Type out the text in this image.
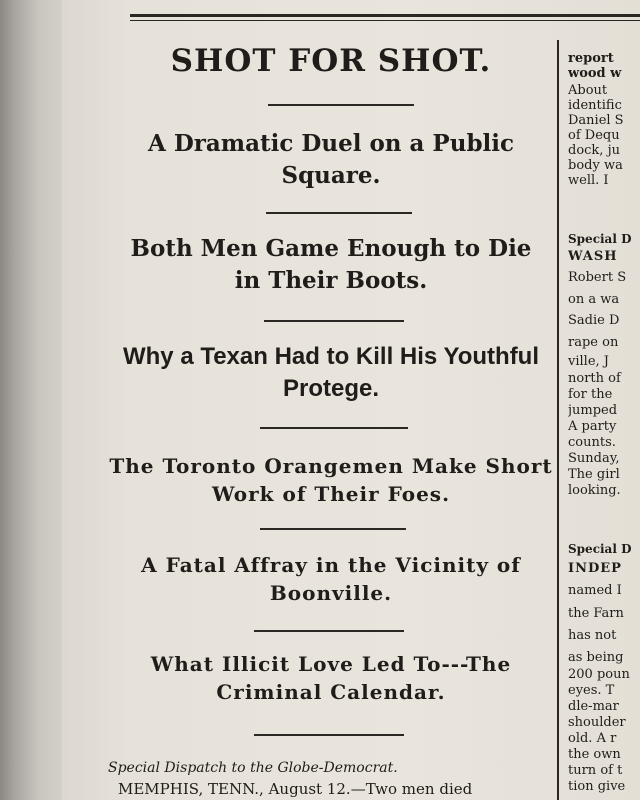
SHOT FOR SHOT.
A Dramatic Duel on a Public Square.
Both Men Game Enough to Die in Their Boots.
Why a Texan Had to Kill His Youthful Protege.
The Toronto Orangemen Make Short Work of Their Foes.
A Fatal Affray in the Vicinity of Boonville.
What Illicit Love Led To---The Criminal Calendar.
Special Dispatch to the Globe-Democrat.
MEMPHIS, TENN., August 12.—Two men died
report
wood w
About
identific
Daniel S
of Dequ
dock, ju
body wa
well. I
Special D
WASH
Robert S
on a wa
Sadie D
rape on
ville, J
north of
for the
jumped
A party
counts.
Sunday,
The girl
looking.
Special D
INDEP
named I
the Farn
has not
as being
200 poun
eyes. T
dle-mar
shoulder
old. A r
the own
turn of t
tion give
